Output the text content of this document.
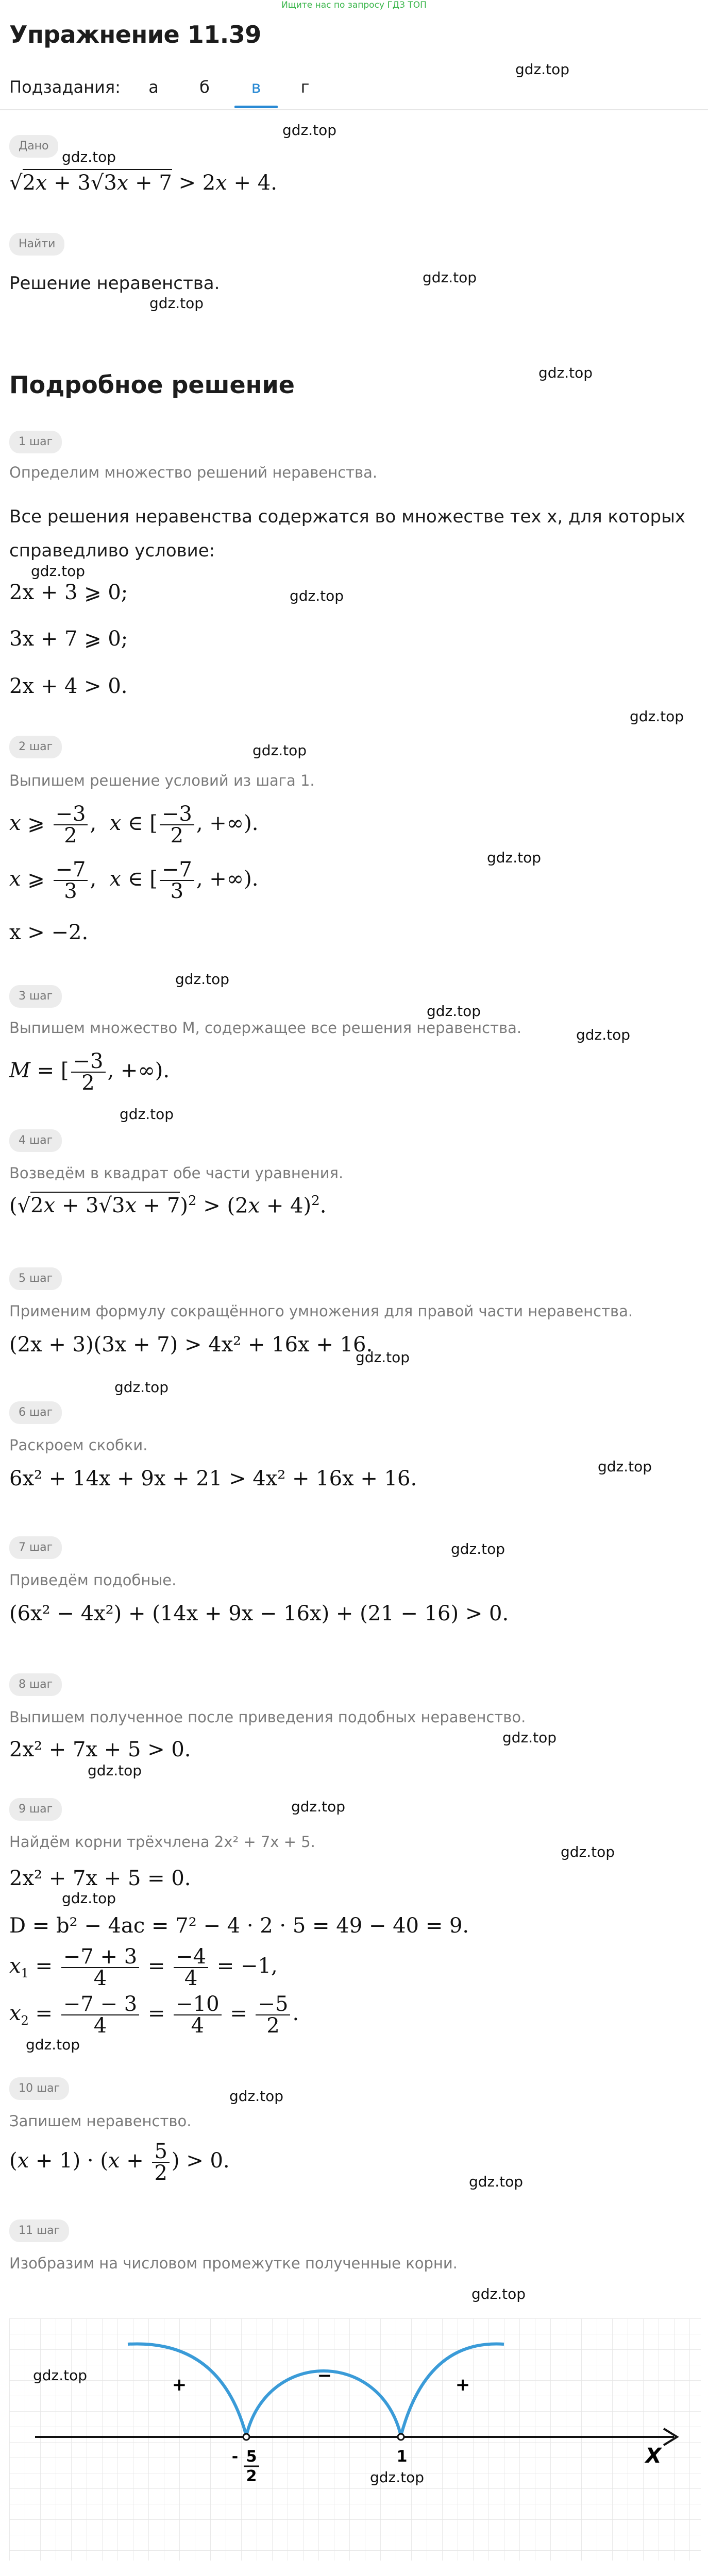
Ищите нас по запросу ГДЗ ТОП
Упражнение 11.39
Подзадания:	а	б	в	г
gdz.top
gdz.top
Дано
gdz.top
√2x + 3√3x + 7 > 2x + 4.
Найти
Решение неравенства.	gdz.top
gdz.top
gdz.top
Подробное решение
1 шаг
Определим множество решений неравенства.
Все решения неравенства содержатся во множестве тех x, для которых справедливо условие:
gdz.top
2x + 3 ⩾ 0;	gdz.top
3x + 7 ⩾ 0;
2x + 4 > 0.
gdz.top
2 шаг	gdz.top
Выпишем решение условий из шага 1.
x ⩾ $\frac{-3}{2}$ ,  x ∈ [ $\frac{-3}{2}$ , +∞).
gdz.top
x ⩾ $\frac{-7}{3}$ ,  x ∈ [ $\frac{-7}{3}$ , +∞).
x > −2.
gdz.top
3 шаг
gdz.top
Выпишем множество M, содержащее все решения неравенства.	gdz.top
M = [ $\frac{-3}{2}$ , +∞).
gdz.top
4 шаг
Возведём в квадрат обе части уравнения.
$(√2x + 3√3x + 7)^2 > (2x + 4)^2$.
5 шаг
Применим формулу сокращённого умножения для правой части неравенства.
(2x + 3)(3x + 7) > 4x² + 16x + 16.
gdz.top
gdz.top
6 шаг
Раскроем скобки.
gdz.top
6x² + 14x + 9x + 21 > 4x² + 16x + 16.
7 шаг	gdz.top
Приведём подобные.
(6x² − 4x²) + (14x + 9x − 16x) + (21 − 16) > 0.
8 шаг
Выпишем полученное после приведения подобных неравенство.
gdz.top
2x² + 7x + 5 > 0.
gdz.top
gdz.top
9 шаг
Найдём корни трёхчлена 2x² + 7x + 5.
gdz.top
2x² + 7x + 5 = 0.
gdz.top
D = b² − 4ac = 7² − 4 · 2 · 5 = 49 − 40 = 9.
$x_1 = \frac{-7 + 3}{4} = \frac{-4}{4} = -1$,
$x_2 = \frac{-7 - 3}{4} = \frac{-10}{4} = \frac{-5}{2}$ .
gdz.top
10 шаг	gdz.top
Запишем неравенство.
$(x + 1) \cdot (x + \frac{5}{2}$ ) > 0.
gdz.top
11 шаг
Изобразим на числовом промежутке полученные корни.
gdz.top
+	−	+
- 5
2
1	X
gdz.top
gdz.top
